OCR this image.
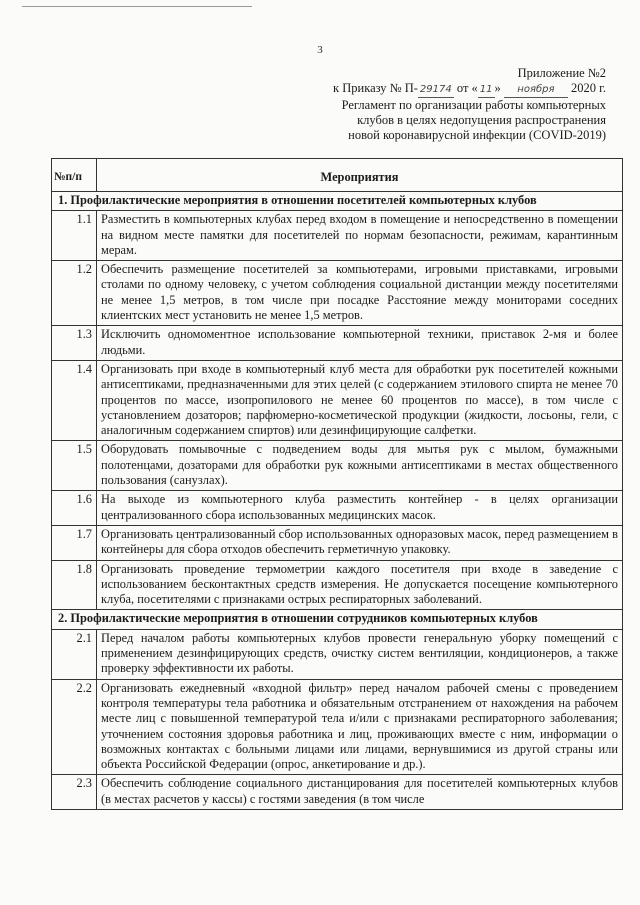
3
Приложение №2
к Приказу № П- 29174 от « 11 » ноября 2020 г.
Регламент по организации работы компьютерных
клубов в целях недопущения распространения
новой коронавирусной инфекции (COVID-2019)
№п/п	Мероприятия
1. Профилактические мероприятия в отношении посетителей компьютерных клубов	
1.1	Разместить в компьютерных клубах перед входом в помещение и непосредственно в помещении на видном месте памятки для посетителей по нормам безопасности, режимам, карантинным мерам.
1.2	Обеспечить размещение посетителей за компьютерами, игровыми приставками, игровыми столами по одному человеку, с учетом соблюдения социальной дистанции между посетителями не менее 1,5 метров, в том числе при посадке Расстояние между мониторами соседних клиентских мест установить не менее 1,5 метров.
1.3	Исключить одномоментное использование компьютерной техники, приставок 2-мя и более людьми.
1.4	Организовать при входе в компьютерный клуб места для обработки рук посетителей кожными антисептиками, предназначенными для этих целей (с содержанием этилового спирта не менее 70 процентов по массе, изопропилового не менее 60 процентов по массе), в том числе с установлением дозаторов; парфюмерно-косметической продукции (жидкости, лосьоны, гели, с аналогичным содержанием спиртов) или дезинфицирующие салфетки.
1.5	Оборудовать помывочные с подведением воды для мытья рук с мылом, бумажными полотенцами, дозаторами для обработки рук кожными антисептиками в местах общественного пользования (санузлах).
1.6	На выходе из компьютерного клуба разместить контейнер - в целях организации централизованного сбора использованных медицинских масок.
1.7	Организовать централизованный сбор использованных одноразовых масок, перед размещением в контейнеры для сбора отходов обеспечить герметичную упаковку.
1.8	Организовать проведение термометрии каждого посетителя при входе в заведение с использованием бесконтактных средств измерения. Не допускается посещение компьютерного клуба, посетителями с признаками острых респираторных заболеваний.
2. Профилактические мероприятия в отношении сотрудников компьютерных клубов	
2.1	Перед началом работы компьютерных клубов провести генеральную уборку помещений с применением дезинфицирующих средств, очистку систем вентиляции, кондиционеров, а также проверку эффективности их работы.
2.2	Организовать ежедневный «входной фильтр» перед началом рабочей смены с проведением контроля температуры тела работника и обязательным отстранением от нахождения на рабочем месте лиц с повышенной температурой тела и/или с признаками респираторного заболевания; уточнением состояния здоровья работника и лиц, проживающих вместе с ним, информации о возможных контактах с больными лицами или лицами, вернувшимися из другой страны или объекта Российской Федерации (опрос, анкетирование и др.).
2.3	Обеспечить соблюдение социального дистанцирования для посетителей компьютерных клубов (в местах расчетов у кассы) с гостями заведения (в том числе
